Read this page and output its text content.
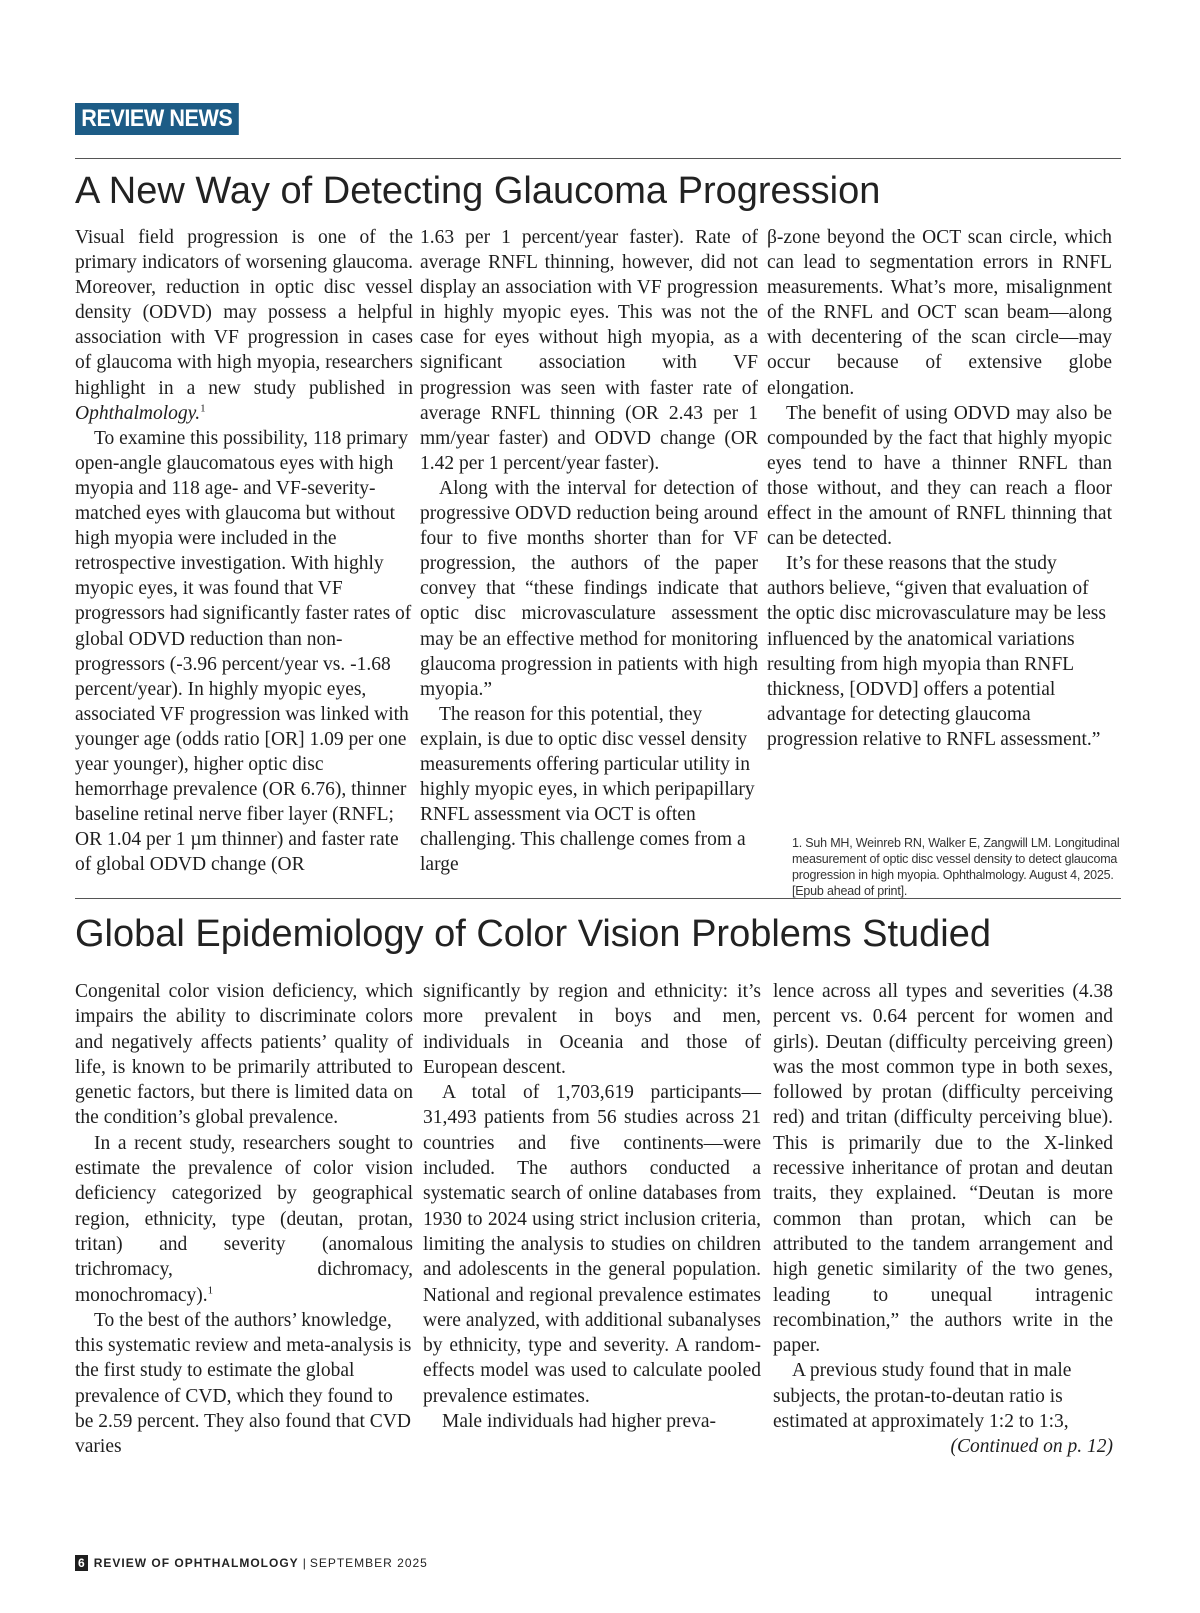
REVIEW NEWS
A New Way of Detecting Glaucoma Progression

Visual field progression is one of the primary indicators of worsening glaucoma. Moreover, reduction in optic disc vessel density (ODVD) may possess a helpful association with VF progression in cases of glaucoma with high myopia, researchers highlight in a new study published in Ophthalmology.$^1$

To examine this possibility, 118 primary open-angle glaucomatous eyes with high myopia and 118 age- and VF-severity-matched eyes with glaucoma but without high myopia were included in the retrospective investigation. With highly myopic eyes, it was found that VF progressors had significantly faster rates of global ODVD reduction than non-progressors (-3.96 percent/year vs. -1.68 percent/year). In highly myopic eyes, associated VF progression was linked with younger age (odds ratio [OR] 1.09 per one year younger), higher optic disc hemorrhage prevalence (OR 6.76), thinner baseline retinal nerve fiber layer (RNFL; OR 1.04 per 1 µm thinner) and faster rate of global ODVD change (OR

1.63 per 1 percent/year faster). Rate of average RNFL thinning, however, did not display an association with VF progression in highly myopic eyes. This was not the case for eyes without high myopia, as a significant association with VF progression was seen with faster rate of average RNFL thinning (OR 2.43 per 1 mm/year faster) and ODVD change (OR 1.42 per 1 percent/year faster).

Along with the interval for detection of progressive ODVD reduction being around four to five months shorter than for VF progression, the authors of the paper convey that “these findings indicate that optic disc microvasculature assessment may be an effective method for monitoring glaucoma progression in patients with high myopia.”

The reason for this potential, they explain, is due to optic disc vessel density measurements offering particular utility in highly myopic eyes, in which peripapillary RNFL assessment via OCT is often challenging. This challenge comes from a large

β-zone beyond the OCT scan circle, which can lead to segmentation errors in RNFL measurements. What’s more, misalignment of the RNFL and OCT scan beam—along with decentering of the scan circle—may occur because of extensive globe elongation.

The benefit of using ODVD may also be compounded by the fact that highly myopic eyes tend to have a thinner RNFL than those without, and they can reach a floor effect in the amount of RNFL thinning that can be detected.

It’s for these reasons that the study authors believe, “given that evaluation of the optic disc microvasculature may be less influenced by the anatomical variations resulting from high myopia than RNFL thickness, [ODVD] offers a potential advantage for detecting glaucoma progression relative to RNFL assessment.”

1. Suh MH, Weinreb RN, Walker E, Zangwill LM. Longitudinal measurement of optic disc vessel density to detect glaucoma progression in high myopia. Ophthalmology. August 4, 2025. [Epub ahead of print].

Global Epidemiology of Color Vision Problems Studied

Congenital color vision deficiency, which impairs the ability to discriminate colors and negatively affects patients’ quality of life, is known to be primarily attributed to genetic factors, but there is limited data on the condition’s global prevalence.

In a recent study, researchers sought to estimate the prevalence of color vision deficiency categorized by geographical region, ethnicity, type (deutan, protan, tritan) and severity (anomalous trichromacy, dichromacy, monochromacy).$^1$

To the best of the authors’ knowledge, this systematic review and meta-analysis is the first study to estimate the global prevalence of CVD, which they found to be 2.59 percent. They also found that CVD varies

significantly by region and ethnicity: it’s more prevalent in boys and men, individuals in Oceania and those of European descent.

A total of 1,703,619 participants—31,493 patients from 56 studies across 21 countries and five continents—were included. The authors conducted a systematic search of online databases from 1930 to 2024 using strict inclusion criteria, limiting the analysis to studies on children and adolescents in the general population. National and regional prevalence estimates were analyzed, with additional subanalyses by ethnicity, type and severity. A random-effects model was used to calculate pooled prevalence estimates.

Male individuals had higher preva-

lence across all types and severities (4.38 percent vs. 0.64 percent for women and girls). Deutan (difficulty perceiving green) was the most common type in both sexes, followed by protan (difficulty perceiving red) and tritan (difficulty perceiving blue). This is primarily due to the X-linked recessive inheritance of protan and deutan traits, they explained. “Deutan is more common than protan, which can be attributed to the tandem arrangement and high genetic similarity of the two genes, leading to unequal intragenic recombination,” the authors write in the paper.

A previous study found that in male subjects, the protan-to-deutan ratio is estimated at approximately 1:2 to 1:3,

(Continued on p. 12)

6 REVIEW OF OPHTHALMOLOGY | SEPTEMBER 2025
